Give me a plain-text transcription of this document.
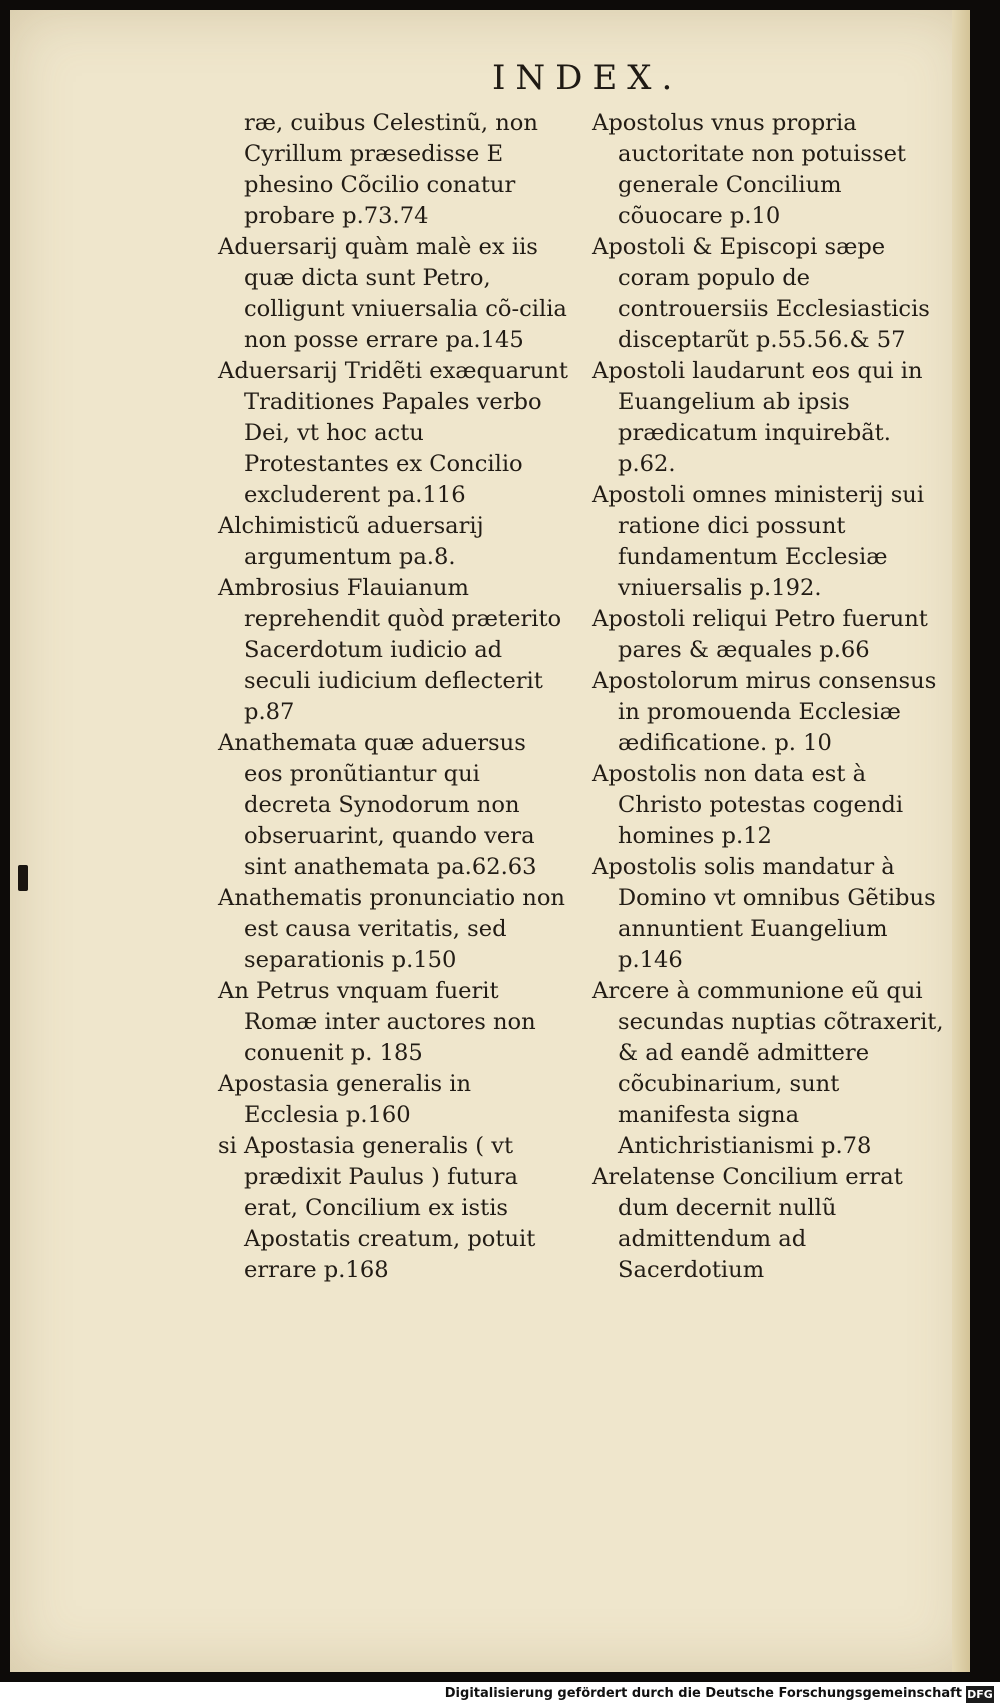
INDEX.
ræ, cuibus Celestinũ, non Cyrillum præsedisse E phesino Cõcilio conatur probare p.73.74
Aduersarij quàm malè ex iis quæ dicta sunt Petro, colligunt vniuersalia cõ-cilia non posse errare pa.145
Aduersarij Tridẽti exæquarunt Traditiones Papales verbo Dei, vt hoc actu Protestantes ex Concilio excluderent pa.116
Alchimisticũ aduersarij argumentum pa.8.
Ambrosius Flauianum reprehendit quòd præterito Sacerdotum iudicio ad seculi iudicium deflecterit p.87
Anathemata quæ aduersus eos pronũtiantur qui decreta Synodorum non obseruarint, quando vera sint anathemata pa.62.63
Anathematis pronunciatio non est causa veritatis, sed separationis p.150
An Petrus vnquam fuerit Romæ inter auctores non conuenit p. 185
Apostasia generalis in Ecclesia p.160
si Apostasia generalis ( vt prædixit Paulus ) futura erat, Concilium ex istis Apostatis creatum, potuit errare p.168
Apostolus vnus propria auctoritate non potuisset generale Concilium cõuocare p.10
Apostoli & Episcopi sæpe coram populo de controuersiis Ecclesiasticis disceptarũt p.55.56.& 57
Apostoli laudarunt eos qui in Euangelium ab ipsis prædicatum inquirebãt. p.62.
Apostoli omnes ministerij sui ratione dici possunt fundamentum Ecclesiæ vniuersalis p.192.
Apostoli reliqui Petro fuerunt pares & æquales p.66
Apostolorum mirus consensus in promouenda Ecclesiæ ædificatione. p. 10
Apostolis non data est à Christo potestas cogendi homines p.12
Apostolis solis mandatur à Domino vt omnibus Gẽtibus annuntient Euangelium p.146
Arcere à communione eũ qui secundas nuptias cõtraxerit, & ad eandẽ admittere cõcubinarium, sunt manifesta signa Antichristianismi p.78
Arelatense Concilium errat dum decernit nullũ admittendum ad Sacerdotium
Digitalisierung gefördert durch die Deutsche Forschungsgemeinschaft DFG
